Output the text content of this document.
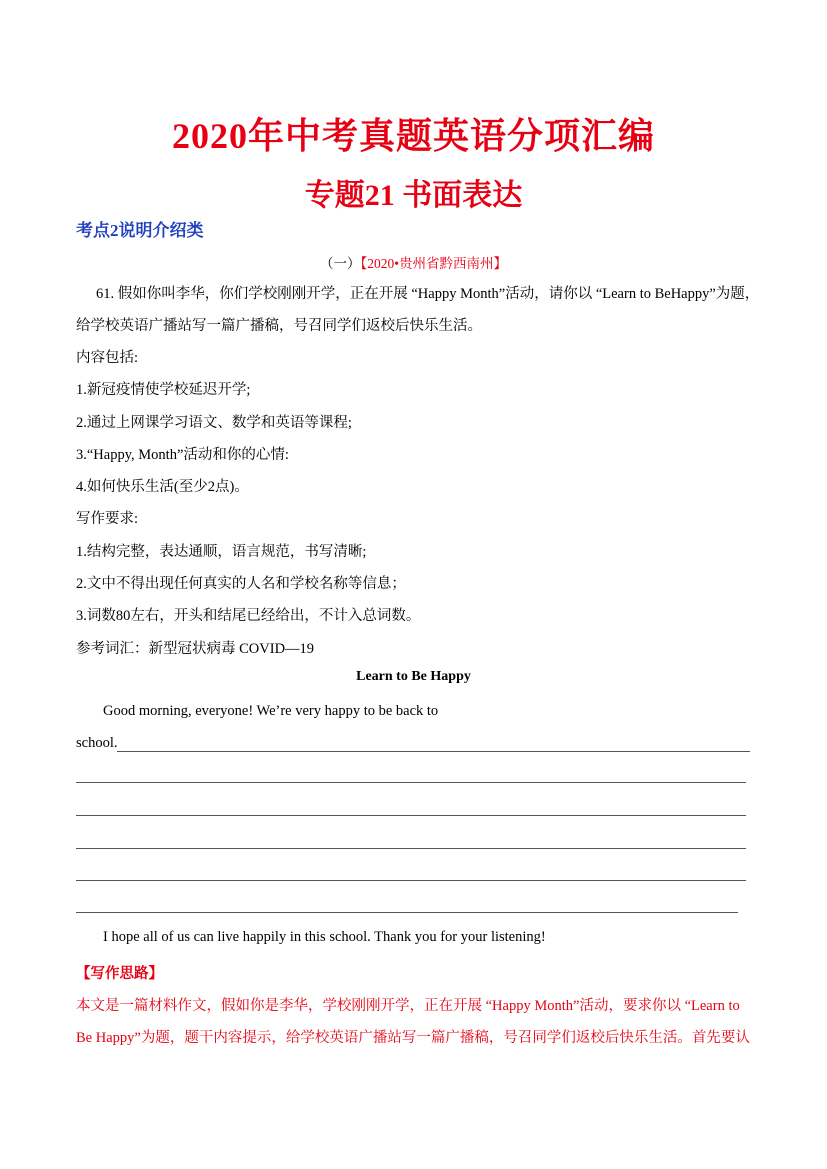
2020年中考真题英语分项汇编
专题21 书面表达
考点2说明介绍类
（一）【2020•贵州省黔西南州】
61. 假如你叫李华，你们学校刚刚开学，正在开展 “Happy Month”活动，请你以 “Learn to BeHappy”为题，
给学校英语广播站写一篇广播稿，号召同学们返校后快乐生活。
内容包括:
1.新冠疫情使学校延迟开学;
2.通过上网课学习语文、数学和英语等课程;
3.“Happy, Month”活动和你的心情:
4.如何快乐生活(至少2点)。
写作要求:
1.结构完整，表达通顺，语言规范，书写清晰;
2.文中不得出现任何真实的人名和学校名称等信息；
3.词数80左右，开头和结尾已经给出，不计入总词数。
参考词汇：新型冠状病毒 COVID—19
Learn to Be Happy
Good morning, everyone! We’re very happy to be back to
school.
I hope all of us can live happily in this school. Thank you for your listening!
【写作思路】
本文是一篇材料作文，假如你是李华，学校刚刚开学，正在开展 “Happy Month”活动，要求你以 “Learn to
Be Happy”为题，题干内容提示，给学校英语广播站写一篇广播稿，号召同学们返校后快乐生活。首先要认
